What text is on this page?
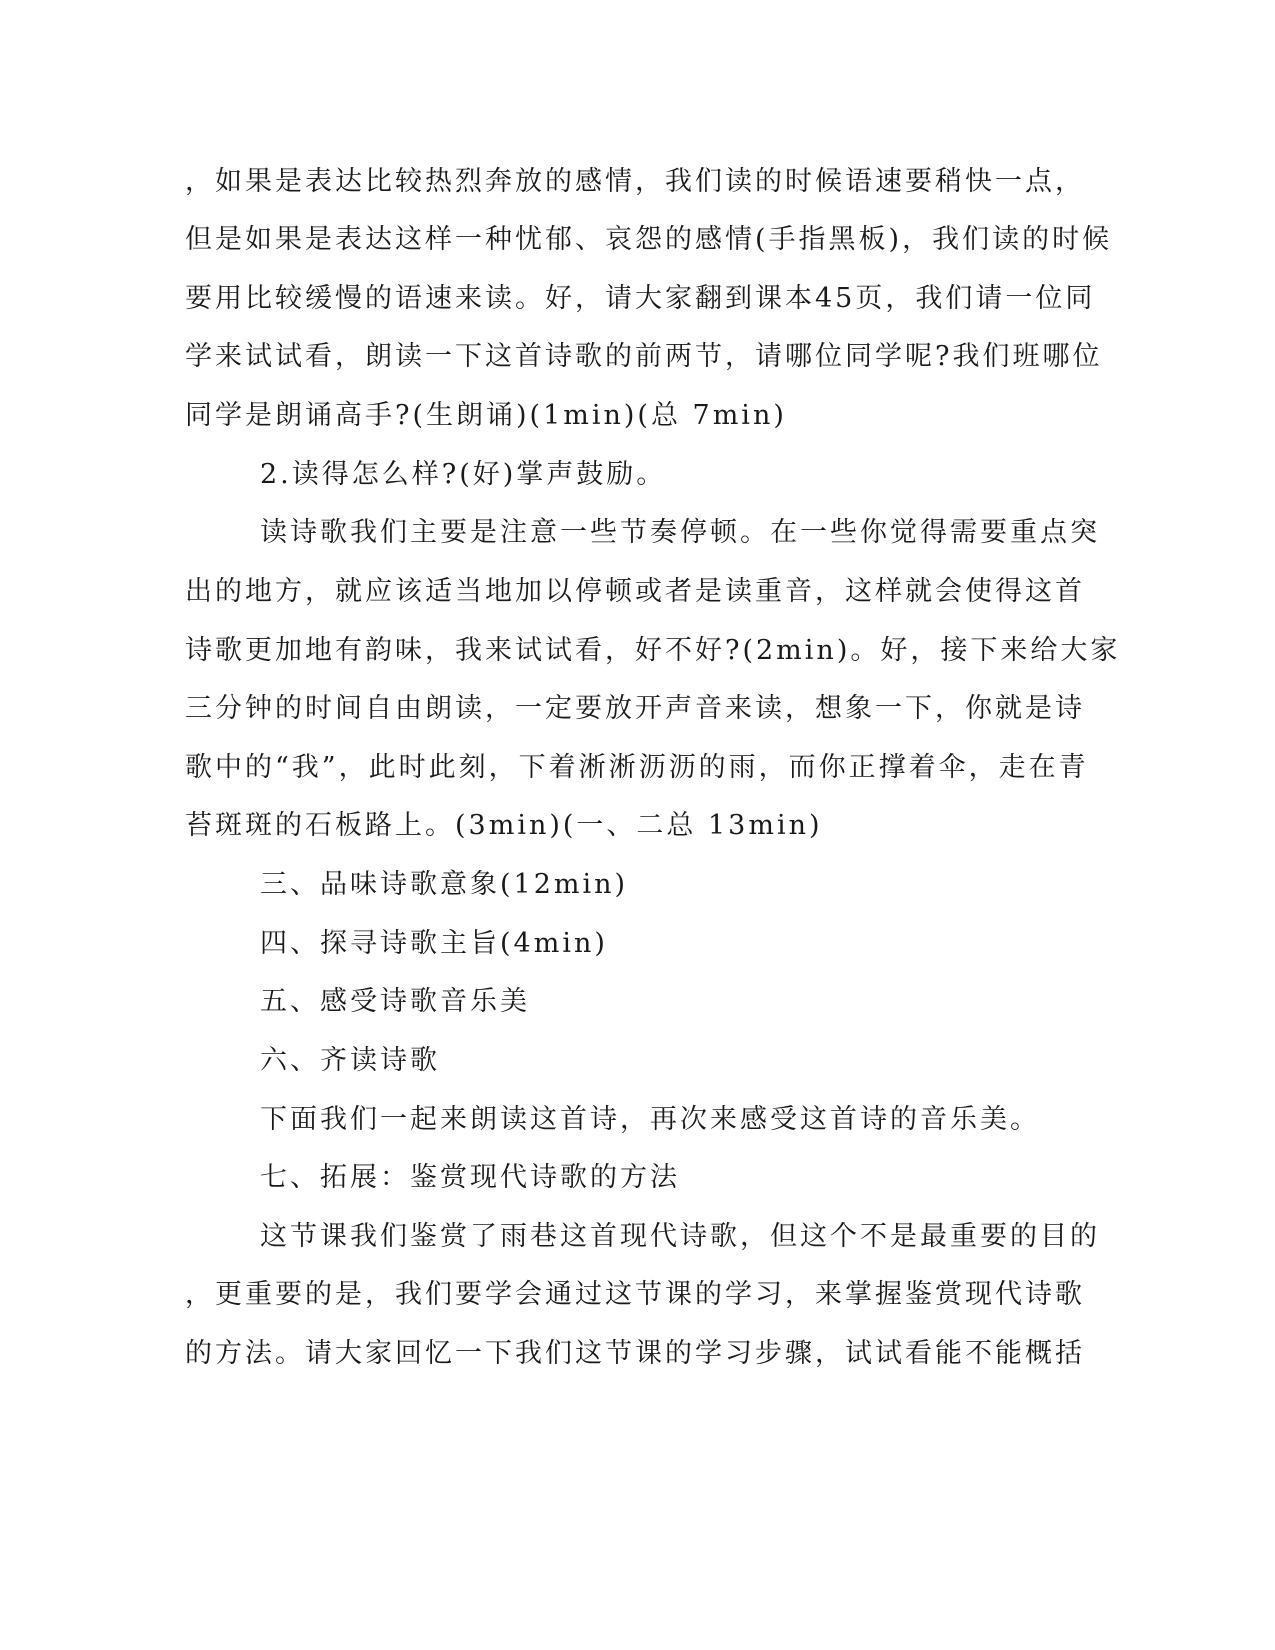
，如果是表达比较热烈奔放的感情，我们读的时候语速要稍快一点，
但是如果是表达这样一种忧郁、哀怨的感情(手指黑板)，我们读的时候
要用比较缓慢的语速来读。好，请大家翻到课本45页，我们请一位同
学来试试看，朗读一下这首诗歌的前两节，请哪位同学呢?我们班哪位
同学是朗诵高手?(生朗诵)(1min)(总 7min)
2.读得怎么样?(好)掌声鼓励。
读诗歌我们主要是注意一些节奏停顿。在一些你觉得需要重点突
出的地方，就应该适当地加以停顿或者是读重音，这样就会使得这首
诗歌更加地有韵味，我来试试看，好不好?(2min)。好，接下来给大家
三分钟的时间自由朗读，一定要放开声音来读，想象一下，你就是诗
歌中的“我”，此时此刻，下着淅淅沥沥的雨，而你正撑着伞，走在青
苔斑斑的石板路上。(3min)(一、二总 13min)
三、品味诗歌意象(12min)
四、探寻诗歌主旨(4min)
五、感受诗歌音乐美
六、齐读诗歌
下面我们一起来朗读这首诗，再次来感受这首诗的音乐美。
七、拓展：鉴赏现代诗歌的方法
这节课我们鉴赏了雨巷这首现代诗歌，但这个不是最重要的目的
，更重要的是，我们要学会通过这节课的学习，来掌握鉴赏现代诗歌
的方法。请大家回忆一下我们这节课的学习步骤，试试看能不能概括
